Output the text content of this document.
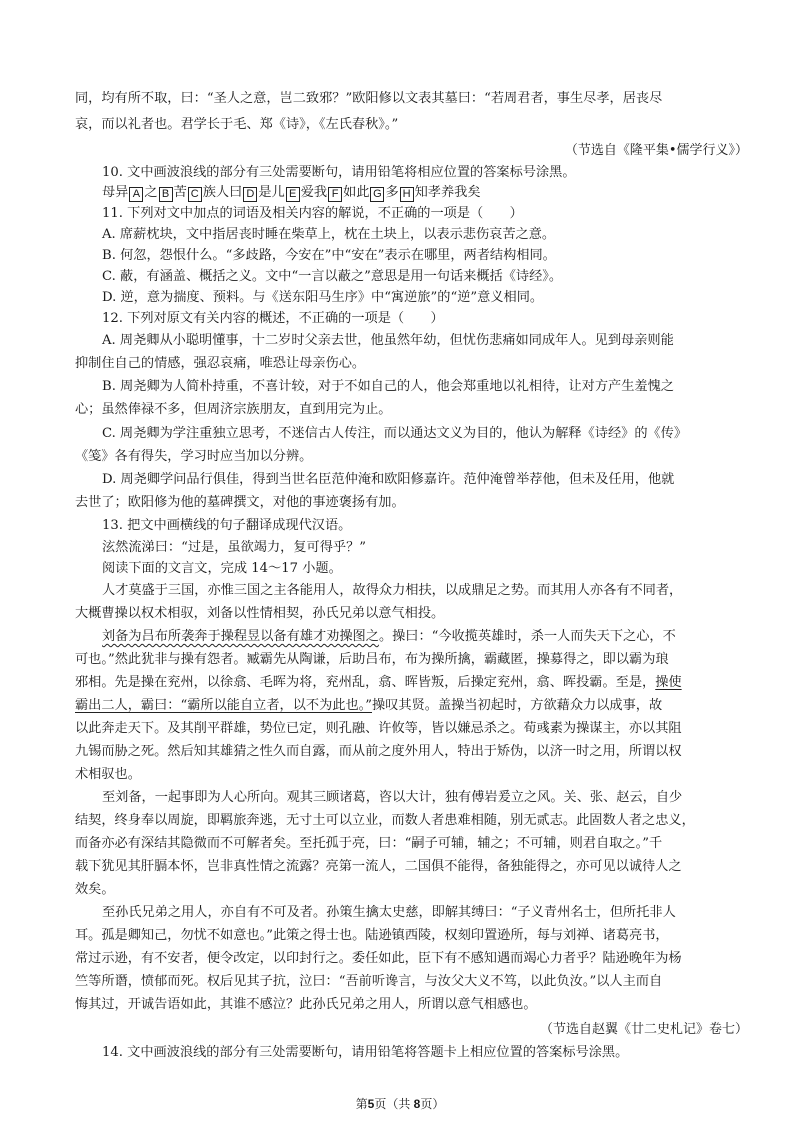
同，均有所不取，曰：“圣人之意，岂二致邪？”欧阳修以文表其墓曰：“若周君者，事生尽孝，居丧尽
哀，而以礼者也。君学长于毛、郑《诗》，《左氏春秋》。”
（节选自《隆平集•儒学行义》）
10. 文中画波浪线的部分有三处需要断句，请用铅笔将相应位置的答案标号涂黑。
母异 A 之 B 苦 C 族人曰 D 是儿 E 爱我 F 如此 G 多 H 知孝养我矣
11. 下列对文中加点的词语及相关内容的解说，不正确的一项是（　　）
A. 席薪枕块，文中指居丧时睡在柴草上，枕在土块上，以表示悲伤哀苦之意。
B. 何忽，怨恨什么。“多歧路，今安在”中“安在”表示在哪里，两者结构相同。
C. 蔽，有涵盖、概括之义。文中“一言以蔽之”意思是用一句话来概括《诗经》。
D. 逆，意为揣度、预料。与《送东阳马生序》中“寓逆旅”的“逆”意义相同。
12. 下列对原文有关内容的概述，不正确的一项是（　　）
A. 周尧卿从小聪明懂事，十二岁时父亲去世，他虽然年幼，但忧伤悲痛如同成年人。见到母亲则能
抑制住自己的情感，强忍哀痛，唯恐让母亲伤心。
B. 周尧卿为人简朴持重，不喜计较，对于不如自己的人，他会郑重地以礼相待，让对方产生羞愧之
心；虽然俸禄不多，但周济宗族朋友，直到用完为止。
C. 周尧卿为学注重独立思考，不迷信古人传注，而以通达文义为目的，他认为解释《诗经》的《传》
《笺》各有得失，学习时应当加以分辨。
D. 周尧卿学问品行俱佳，得到当世名臣范仲淹和欧阳修嘉许。范仲淹曾举荐他，但未及任用，他就
去世了；欧阳修为他的墓碑撰文，对他的事迹褒扬有加。
13. 把文中画横线的句子翻译成现代汉语。
泫然流涕曰：“过是，虽欲竭力，复可得乎？”
阅读下面的文言文，完成 14～17 小题。
人才莫盛于三国，亦惟三国之主各能用人，故得众力相扶，以成鼎足之势。而其用人亦各有不同者，
大概曹操以权术相驭，刘备以性情相契，孙氏兄弟以意气相投。
刘备为吕布所袭奔于操程昱以备有雄才劝操图之。操曰：“今收揽英雄时，杀一人而失天下之心，不
可也。”然此犹非与操有怨者。臧霸先从陶谦，后助吕布，布为操所擒，霸藏匿，操募得之，即以霸为琅
邪相。先是操在兖州，以徐翕、毛晖为将，兖州乱，翕、晖皆叛，后操定兖州，翕、晖投霸。至是，操使
霸出二人，霸曰：“霸所以能自立者，以不为此也。”操叹其贤。盖操当初起时，方欲藉众力以成事，故
以此奔走天下。及其削平群雄，势位已定，则孔融、许攸等，皆以嫌忌杀之。荀彧素为操谋主，亦以其阻
九锡而胁之死。然后知其雄猜之性久而自露，而从前之度外用人，特出于矫伪，以济一时之用，所谓以权
术相驭也。
至刘备，一起事即为人心所向。观其三顾诸葛，咨以大计，独有傅岩爰立之风。关、张、赵云，自少
结契，终身奉以周旋，即羁旅奔逃，无寸土可以立业，而数人者患难相随，别无贰志。此固数人者之忠义，
而备亦必有深结其隐微而不可解者矣。至托孤于亮，曰：“嗣子可辅，辅之；不可辅，则君自取之。”千
载下犹见其肝膈本怀，岂非真性情之流露？亮第一流人，二国俱不能得，备独能得之，亦可见以诚待人之
效矣。
至孙氏兄弟之用人，亦自有不可及者。孙策生擒太史慈，即解其缚曰：“子义青州名士，但所托非人
耳。孤是卿知己，勿忧不如意也。”此策之得士也。陆逊镇西陵，权刻印置逊所，每与刘禅、诸葛亮书，
常过示逊，有不安者，便令改定，以印封行之。委任如此，臣下有不感知遇而竭心力者乎？陆逊晚年为杨
竺等所谮，愤郁而死。权后见其子抗，泣曰：“吾前听谗言，与汝父大义不笃，以此负汝。”以人主而自
悔其过，开诚告语如此，其谁不感泣？此孙氏兄弟之用人，所谓以意气相感也。
（节选自赵翼《廿二史札记》卷七）
14. 文中画波浪线的部分有三处需要断句，请用铅笔将答题卡上相应位置的答案标号涂黑。
第5页（共 8页）
